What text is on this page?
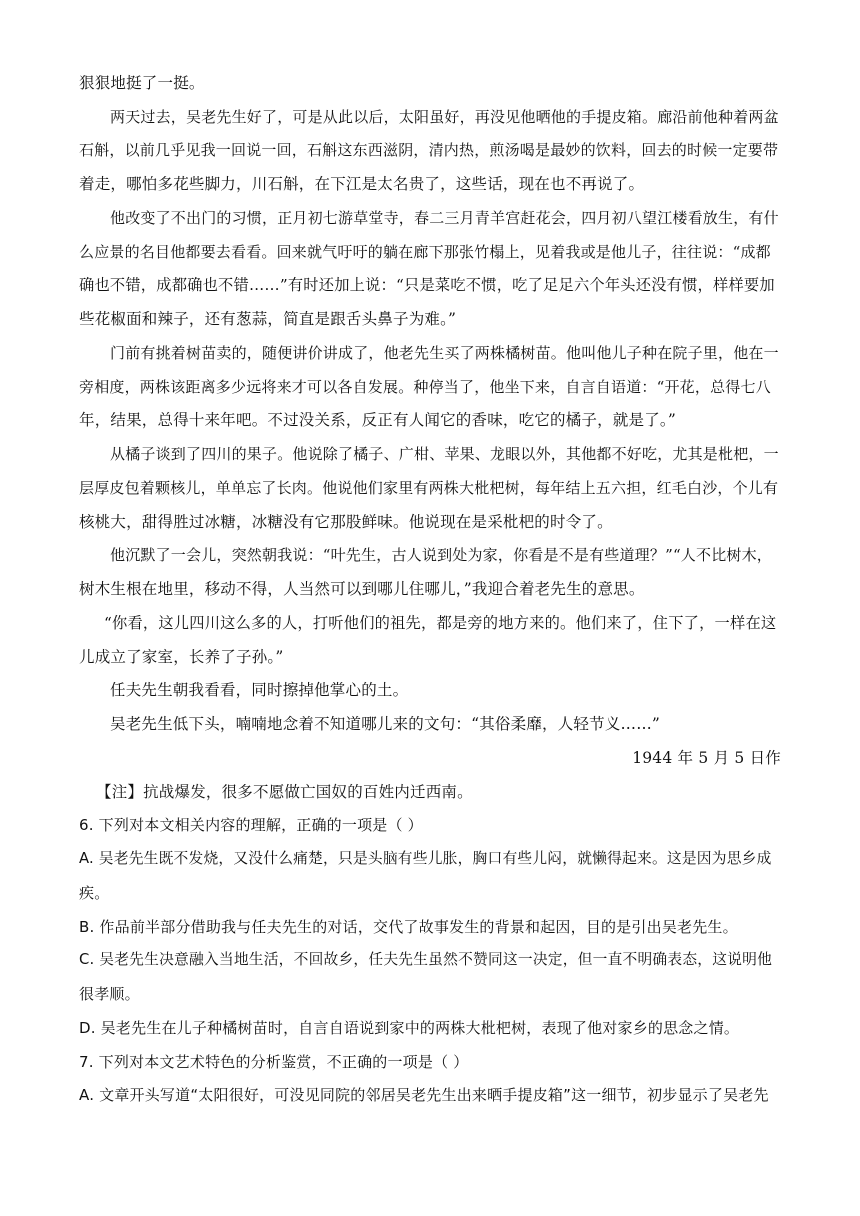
狠狠地挺了一挺。
两天过去，吴老先生好了，可是从此以后，太阳虽好，再没见他晒他的手提皮箱。廊沿前他种着两盆
石斛，以前几乎见我一回说一回，石斛这东西滋阴，清内热，煎汤喝是最妙的饮料，回去的时候一定要带
着走，哪怕多花些脚力，川石斛，在下江是太名贵了，这些话，现在也不再说了。
他改变了不出门的习惯，正月初七游草堂寺，春二三月青羊宫赶花会，四月初八望江楼看放生，有什
么应景的名目他都要去看看。回来就气吁吁的躺在廊下那张竹榻上，见着我或是他儿子，往往说：“成都
确也不错，成都确也不错……”有时还加上说：“只是菜吃不惯，吃了足足六个年头还没有惯，样样要加
些花椒面和辣子，还有葱蒜，简直是跟舌头鼻子为难。”
门前有挑着树苗卖的，随便讲价讲成了，他老先生买了两株橘树苗。他叫他儿子种在院子里，他在一
旁相度，两株该距离多少远将来才可以各自发展。种停当了，他坐下来，自言自语道：“开花，总得七八
年，结果，总得十来年吧。不过没关系，反正有人闻它的香味，吃它的橘子，就是了。”
从橘子谈到了四川的果子。他说除了橘子、广柑、苹果、龙眼以外，其他都不好吃，尤其是枇杷，一
层厚皮包着颗核儿，单单忘了长肉。他说他们家里有两株大枇杷树，每年结上五六担，红毛白沙，个儿有
核桃大，甜得胜过冰糖，冰糖没有它那股鲜味。他说现在是采枇杷的时令了。
他沉默了一会儿，突然朝我说：“叶先生，古人说到处为家，你看是不是有些道理？”“人不比树木，
树木生根在地里，移动不得，人当然可以到哪儿住哪儿，”我迎合着老先生的意思。
“你看，这儿四川这么多的人，打听他们的祖先，都是旁的地方来的。他们来了，住下了，一样在这
儿成立了家室，长养了子孙。”
任夫先生朝我看看，同时擦掉他掌心的土。
吴老先生低下头，喃喃地念着不知道哪儿来的文句：“其俗柔靡，人轻节义……”
1944 年 5 月 5 日作
【注】抗战爆发，很多不愿做亡国奴的百姓内迁西南。
6. 下列对本文相关内容的理解，正确的一项是（ ）
A. 吴老先生既不发烧，又没什么痛楚，只是头脑有些儿胀，胸口有些儿闷，就懒得起来。这是因为思乡成
疾。
B. 作品前半部分借助我与任夫先生的对话，交代了故事发生的背景和起因，目的是引出吴老先生。
C. 吴老先生决意融入当地生活，不回故乡，任夫先生虽然不赞同这一决定，但一直不明确表态，这说明他
很孝顺。
D. 吴老先生在儿子种橘树苗时，自言自语说到家中的两株大枇杷树，表现了他对家乡的思念之情。
7. 下列对本文艺术特色的分析鉴赏，不正确的一项是（ ）
A. 文章开头写道“太阳很好，可没见同院的邻居吴老先生出来晒手提皮箱”这一细节，初步显示了吴老先
